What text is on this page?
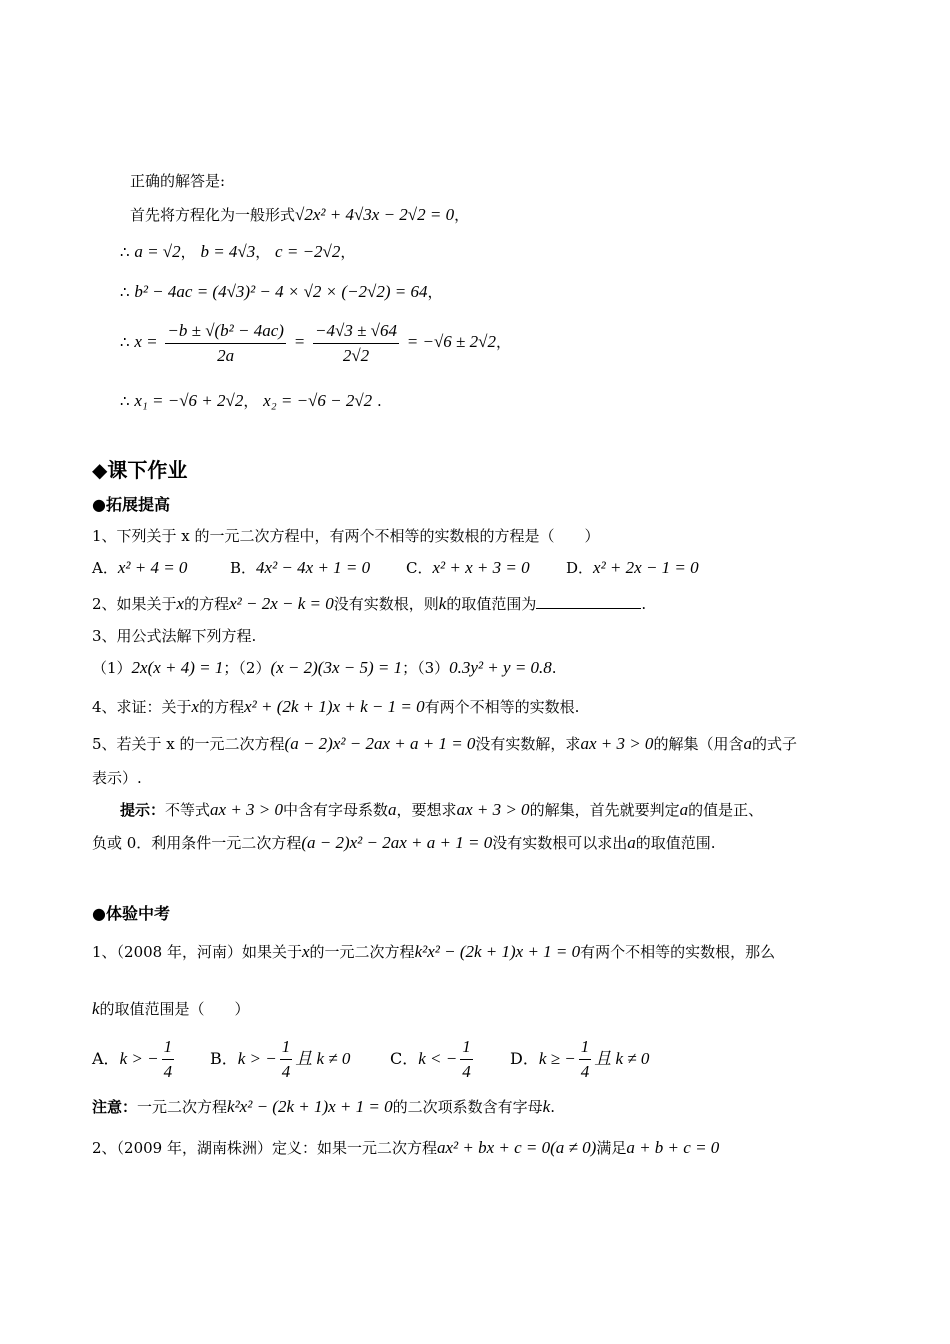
正确的解答是:
首先将方程化为一般形式√2x² + 4√3x − 2√2 = 0，
∴ a = √2， b = 4√3， c = −2√2，
∴ b² − 4ac = (4√3)² − 4 × √2 × (−2√2) = 64，
∴ $x = \frac{\text{−b ± √(b² − 4ac)}}{2a} = \frac{-4√3 \pm √64}{2√2} = -√6 \pm 2√2$，
∴ x₁ = −√6 + 2√2， x₂ = −√6 − 2√2 .
◆课下作业
●拓展提高
1、下列关于 x 的一元二次方程中，有两个不相等的实数根的方程是（　　）
A．x² + 4 = 0	B．4x² − 4x + 1 = 0 C．x² + x + 3 = 0 D．x² + 2x − 1 = 0
2、如果关于x的方程x² − 2x − k = 0没有实数根，则k的取值范围为	.
3、用公式法解下列方程.
（1）2x(x + 4) = 1；（2）(x − 2)(3x − 5) = 1；（3）0.3y² + y = 0.8.
4、求证：关于x的方程x² + (2k + 1)x + k − 1 = 0有两个不相等的实数根.
5、若关于 x 的一元二次方程(a − 2)x² − 2ax + a + 1 = 0没有实数解，求ax + 3 > 0的解集（用含a的式子
表示）.
提示：不等式ax + 3 > 0中含有字母系数a，要想求ax + 3 > 0的解集，首先就要判定a的值是正、
负或 0．利用条件一元二次方程(a − 2)x² − 2ax + a + 1 = 0没有实数根可以求出a的取值范围.
●体验中考
1、（2008 年，河南）如果关于x的一元二次方程k²x² − (2k + 1)x + 1 = 0有两个不相等的实数根，那么
k的取值范围是（　　）
A．k > − $\frac{1}{4}$ B．k > − $\frac{1}{4}$ 且 k ≠ 0 C．k < − $\frac{1}{4}$ D．k ≥ − $\frac{1}{4}$ 且 k ≠ 0
注意：一元二次方程k²x² − (2k + 1)x + 1 = 0的二次项系数含有字母k.
2、（2009 年，湖南株洲）定义：如果一元二次方程ax² + bx + c = 0(a ≠ 0)满足a + b + c = 0
